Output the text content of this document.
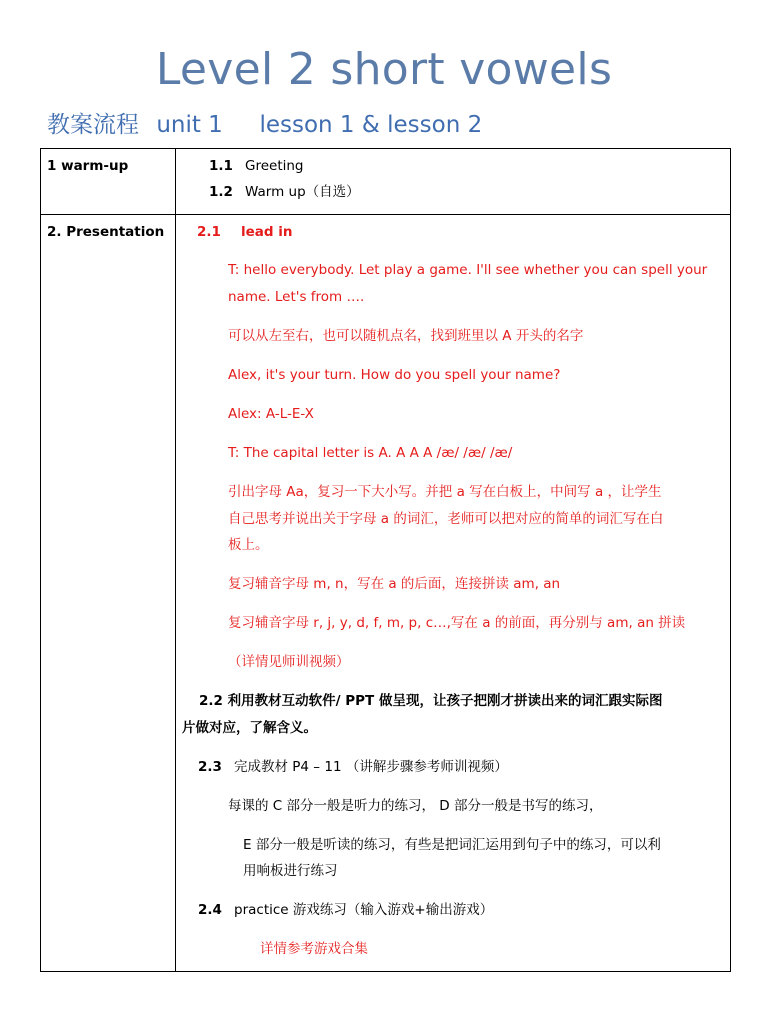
Level 2 short vowels
教案流程 unit 1 lesson 1 & lesson 2
1 warm-up	1.1 Greeting
1.2 Warm up（自选）
2. Presentation 2.1 lead in
T: hello everybody. Let play a game. I'll see whether you can spell your
name. Let's from ….
可以从左至右，也可以随机点名，找到班里以 A 开头的名字
Alex, it's your turn. How do you spell your name?
Alex: A-L-E-X
T: The capital letter is A. A A A /æ/ /æ/ /æ/
引出字母 Aa，复习一下大小写。并把 a 写在白板上，中间写 a ，让学生
自己思考并说出关于字母 a 的词汇，老师可以把对应的简单的词汇写在白
板上。
复习辅音字母 m, n，写在 a 的后面，连接拼读 am, an
复习辅音字母 r, j, y, d, f, m, p, c…,写在 a 的前面，再分别与 am, an 拼读
（详情见师训视频）
2.2 利用教材互动软件/ PPT 做呈现，让孩子把刚才拼读出来的词汇跟实际图
片做对应，了解含义。
2.3 完成教材 P4 – 11 （讲解步骤参考师训视频）
每课的 C 部分一般是听力的练习， D 部分一般是书写的练习，
E 部分一般是听读的练习，有些是把词汇运用到句子中的练习，可以利
用响板进行练习
2.4 practice 游戏练习（输入游戏+输出游戏）
详情参考游戏合集
